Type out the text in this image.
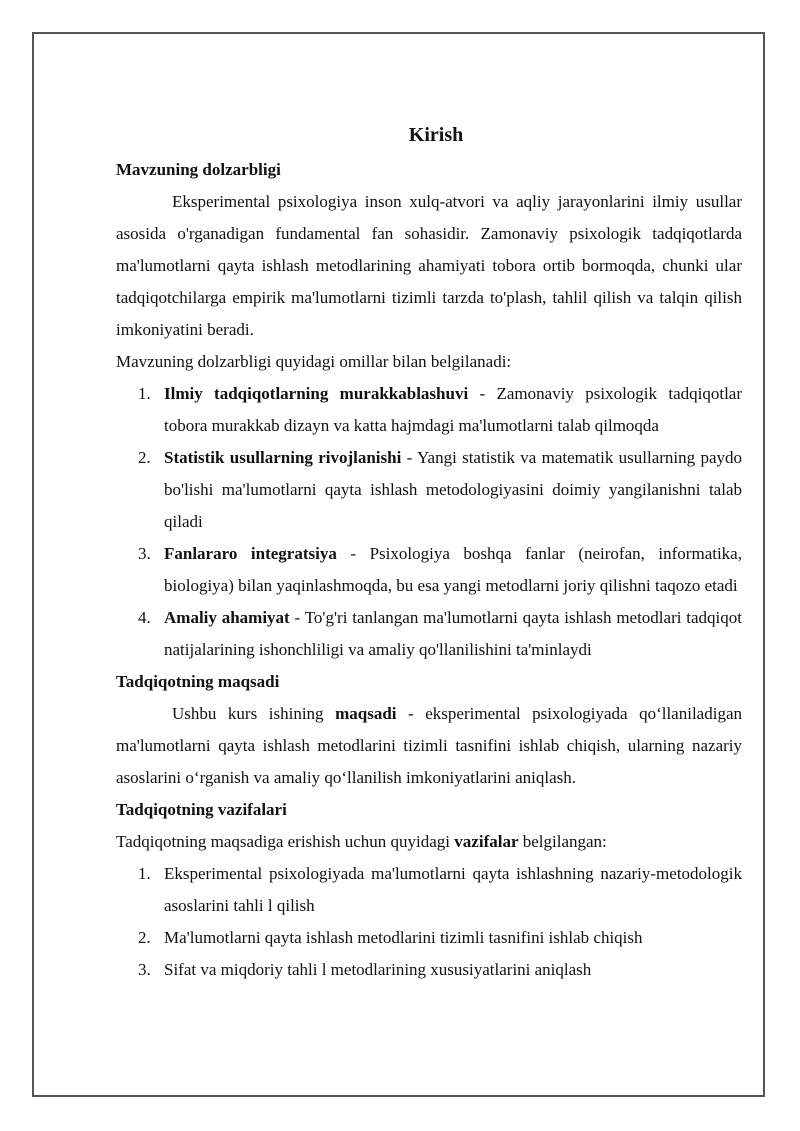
Kirish
Mavzuning dolzarbligi
Eksperimental psixologiya inson xulq-atvori va aqliy jarayonlarini ilmiy usullar asosida o'rganadigan fundamental fan sohasidir. Zamonaviy psixologik tadqiqotlarda ma'lumotlarni qayta ishlash metodlarining ahamiyati tobora ortib bormoqda, chunki ular tadqiqotchilarga empirik ma'lumotlarni tizimli tarzda to'plash, tahlil qilish va talqin qilish imkoniyatini beradi.
Mavzuning dolzarbligi quyidagi omillar bilan belgilanadi:
1. Ilmiy tadqiqotlarning murakkablashuvi - Zamonaviy psixologik tadqiqotlar tobora murakkab dizayn va katta hajmdagi ma'lumotlarni talab qilmoqda
2. Statistik usullarning rivojlanishi - Yangi statistik va matematik usullarning paydo bo'lishi ma'lumotlarni qayta ishlash metodologiyasini doimiy yangilanishni talab qiladi
3. Fanlararo integratsiya - Psixologiya boshqa fanlar (neirofan, informatika, biologiya) bilan yaqinlashmoqda, bu esa yangi metodlarni joriy qilishni taqozo etadi
4. Amaliy ahamiyat - To'g'ri tanlangan ma'lumotlarni qayta ishlash metodlari tadqiqot natijalarining ishonchliligi va amaliy qo'llanilishini ta'minlaydi
Tadqiqotning maqsadi
Ushbu kurs ishining maqsadi - eksperimental psixologiyada qo‘llaniladigan ma'lumotlarni qayta ishlash metodlarini tizimli tasnifini ishlab chiqish, ularning nazariy asoslarini o‘rganish va amaliy qo‘llanilish imkoniyatlarini aniqlash.
Tadqiqotning vazifalari
Tadqiqotning maqsadiga erishish uchun quyidagi vazifalar belgilangan:
1. Eksperimental psixologiyada ma'lumotlarni qayta ishlashning nazariy-metodologik asoslarini tahli l qilish
2. Ma'lumotlarni qayta ishlash metodlarini tizimli tasnifini ishlab chiqish
3. Sifat va miqdoriy tahli l metodlarining xususiyatlarini aniqlash
